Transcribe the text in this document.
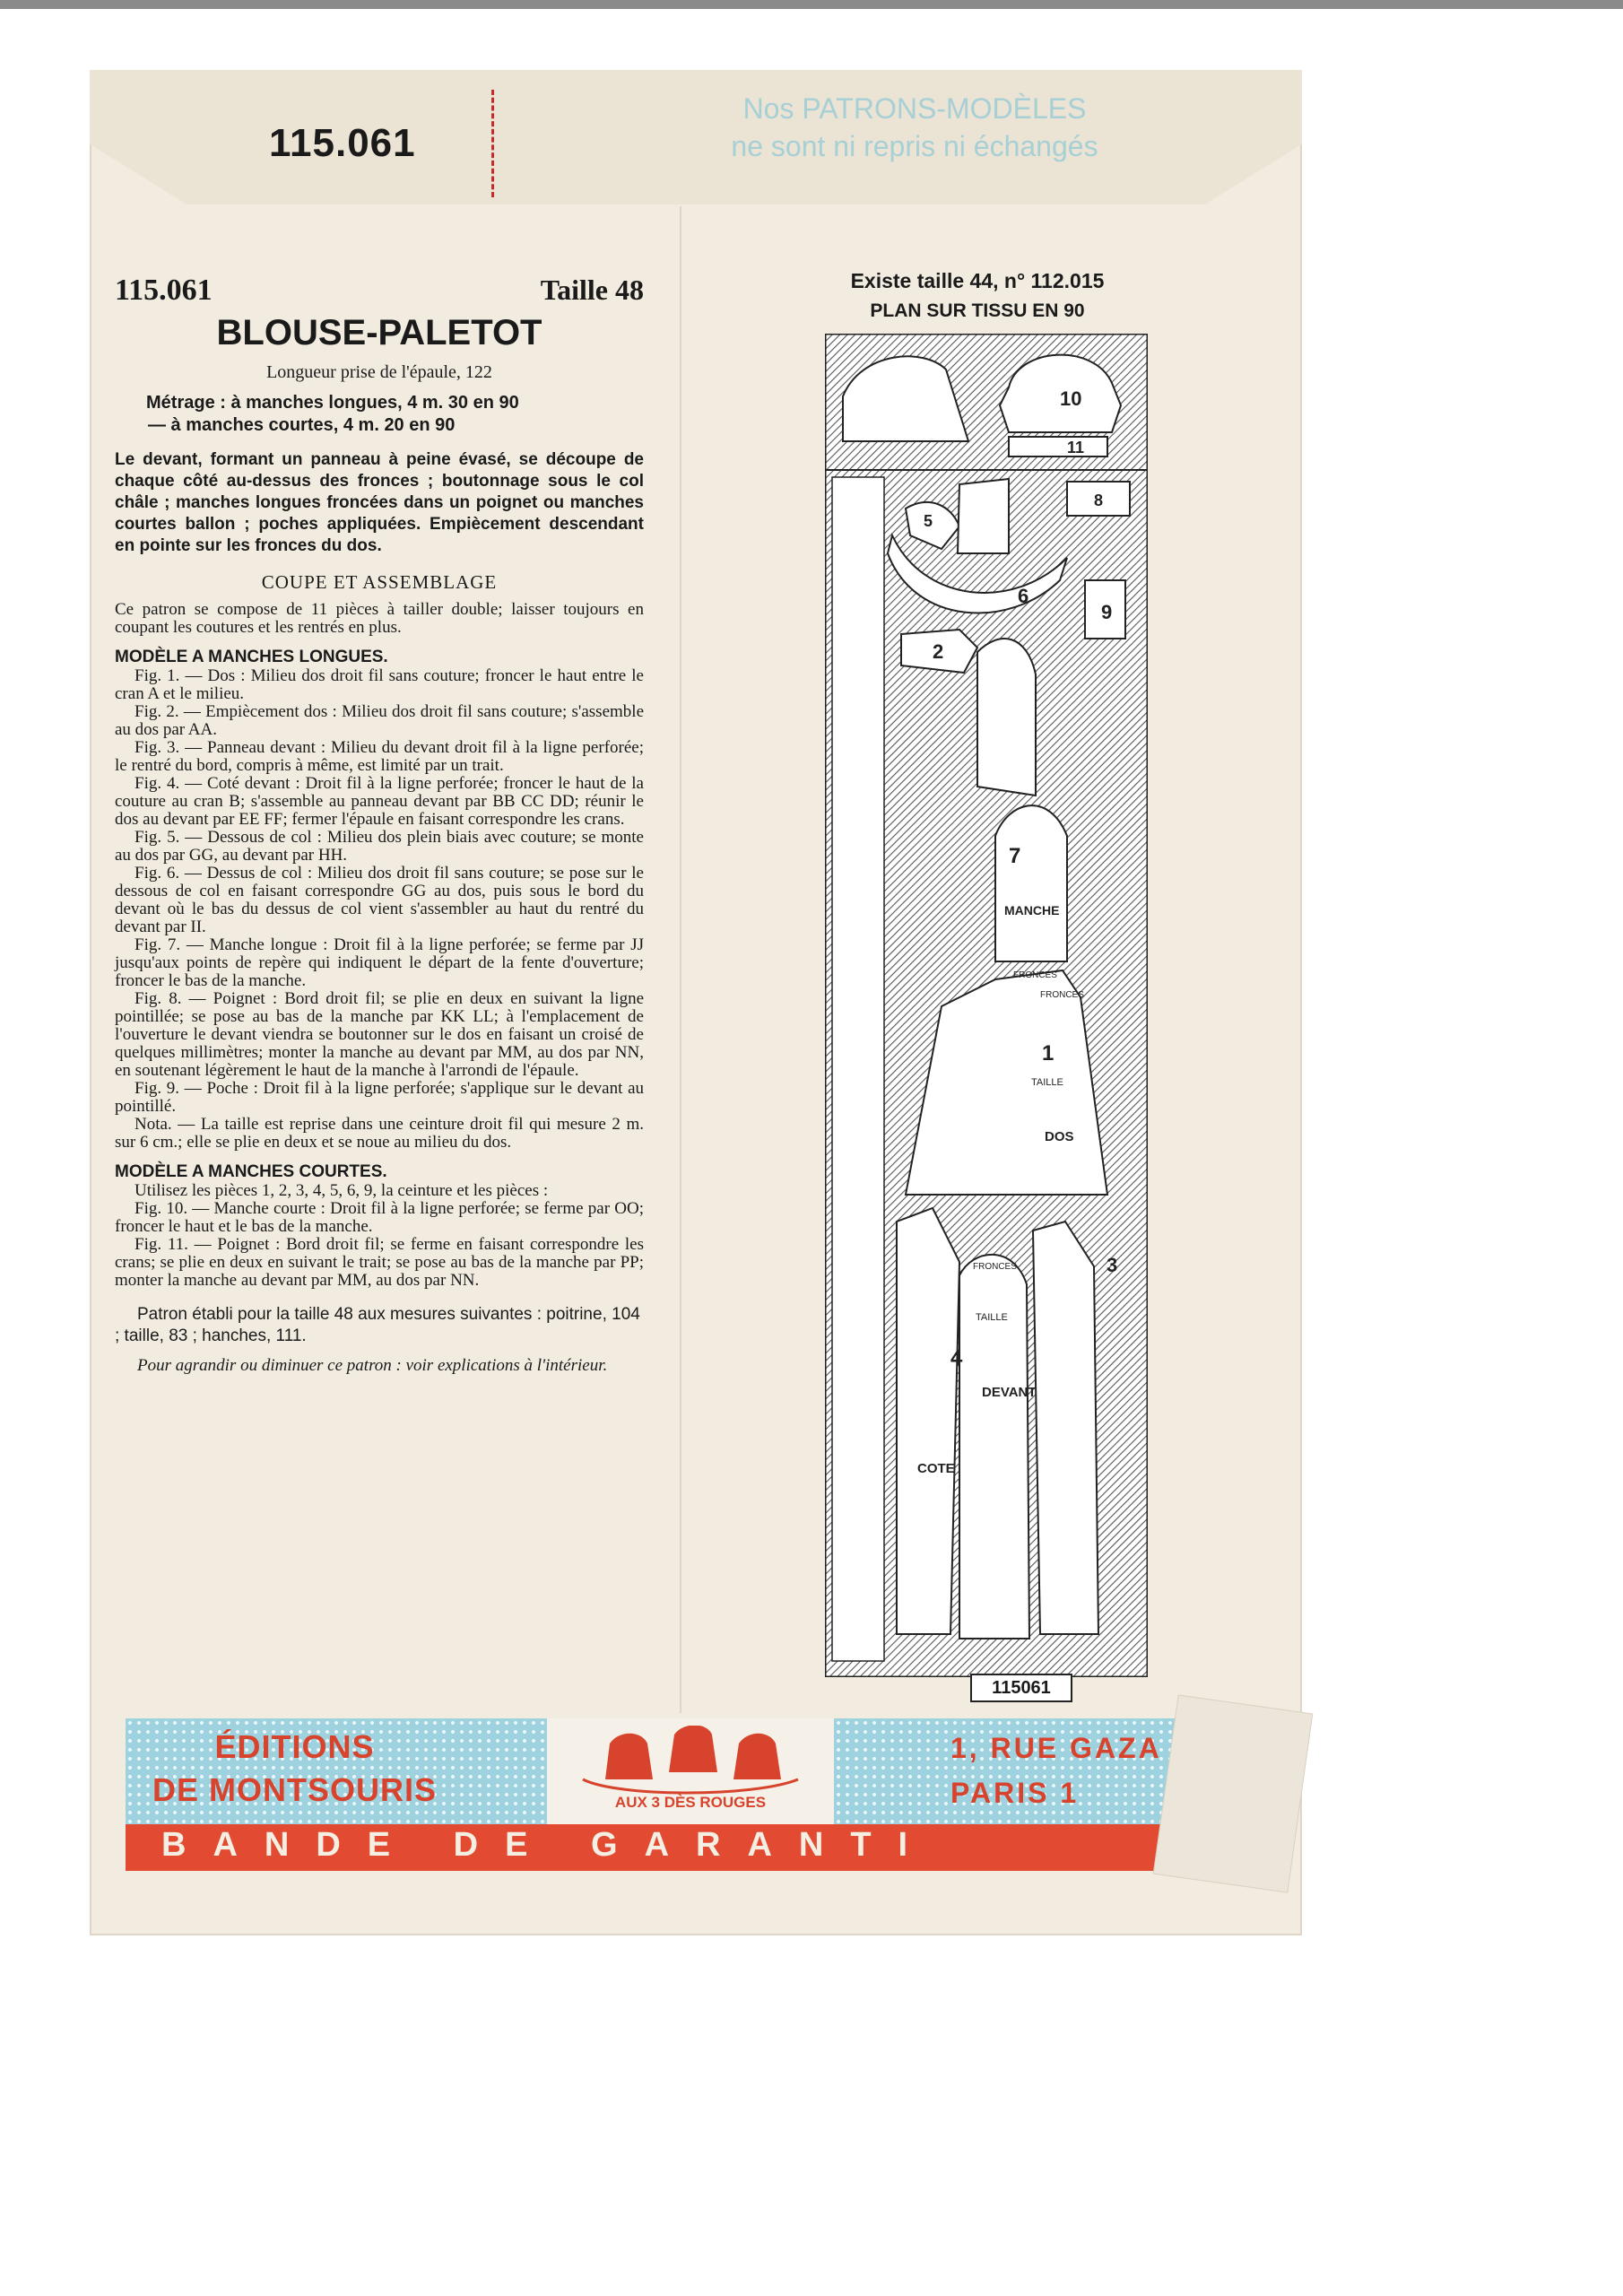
115.061
Nos PATRONS-MODÈLES
ne sont ni repris ni échangés
115.061	Taille 48
BLOUSE-PALETOT
Longueur prise de l'épaule, 122
Métrage : à manches longues, 4 m. 30 en 90
— à manches courtes, 4 m. 20 en 90
Le devant, formant un panneau à peine évasé, se découpe de chaque côté au-dessus des fronces ; boutonnage sous le col châle ; manches longues froncées dans un poignet ou manches courtes ballon ; poches appliquées. Empiècement descendant en pointe sur les fronces du dos.
COUPE ET ASSEMBLAGE
Ce patron se compose de 11 pièces à tailler double; laisser toujours en coupant les coutures et les rentrés en plus.
MODÈLE A MANCHES LONGUES.
Fig. 1. — Dos : Milieu dos droit fil sans couture; froncer le haut entre le cran A et le milieu.
Fig. 2. — Empiècement dos : Milieu dos droit fil sans couture; s'assemble au dos par AA.
Fig. 3. — Panneau devant : Milieu du devant droit fil à la ligne perforée; le rentré du bord, compris à même, est limité par un trait.
Fig. 4. — Coté devant : Droit fil à la ligne perforée; froncer le haut de la couture au cran B; s'assemble au panneau devant par BB CC DD; réunir le dos au devant par EE FF; fermer l'épaule en faisant correspondre les crans.
Fig. 5. — Dessous de col : Milieu dos plein biais avec couture; se monte au dos par GG, au devant par HH.
Fig. 6. — Dessus de col : Milieu dos droit fil sans couture; se pose sur le dessous de col en faisant correspondre GG au dos, puis sous le bord du devant où le bas du dessus de col vient s'assembler au haut du rentré du devant par II.
Fig. 7. — Manche longue : Droit fil à la ligne perforée; se ferme par JJ jusqu'aux points de repère qui indiquent le départ de la fente d'ouverture; froncer le bas de la manche.
Fig. 8. — Poignet : Bord droit fil; se plie en deux en suivant la ligne pointillée; se pose au bas de la manche par KK LL; à l'emplacement de l'ouverture le devant viendra se boutonner sur le dos en faisant un croisé de quelques millimètres; monter la manche au devant par MM, au dos par NN, en soutenant légèrement le haut de la manche à l'arrondi de l'épaule.
Fig. 9. — Poche : Droit fil à la ligne perforée; s'applique sur le devant au pointillé.
Nota. — La taille est reprise dans une ceinture droit fil qui mesure 2 m. sur 6 cm.; elle se plie en deux et se noue au milieu du dos.
MODÈLE A MANCHES COURTES.
Utilisez les pièces 1, 2, 3, 4, 5, 6, 9, la ceinture et les pièces :
Fig. 10. — Manche courte : Droit fil à la ligne perforée; se ferme par OO; froncer le haut et le bas de la manche.
Fig. 11. — Poignet : Bord droit fil; se ferme en faisant correspondre les crans; se plie en deux en suivant le trait; se pose au bas de la manche par PP; monter la manche au devant par MM, au dos par NN.
Patron établi pour la taille 48 aux mesures suivantes : poitrine, 104 ; taille, 83 ; hanches, 111.
Pour agrandir ou diminuer ce patron : voir explications à l'intérieur.
Existe taille 44, n° 112.015
PLAN SUR TISSU EN 90
10
11
8
5
6
9
2
7
MANCHE
FRONCES
1
TAILLE
DOS
FRONCES
FRONCES	3
TAILLE
4
DEVANT
COTE
115061
ÉDITIONS
DE MONTSOURIS	AUX 3 DÈS ROUGES
1, RUE GAZA
PARIS 1
BANDE DE GARANTI
